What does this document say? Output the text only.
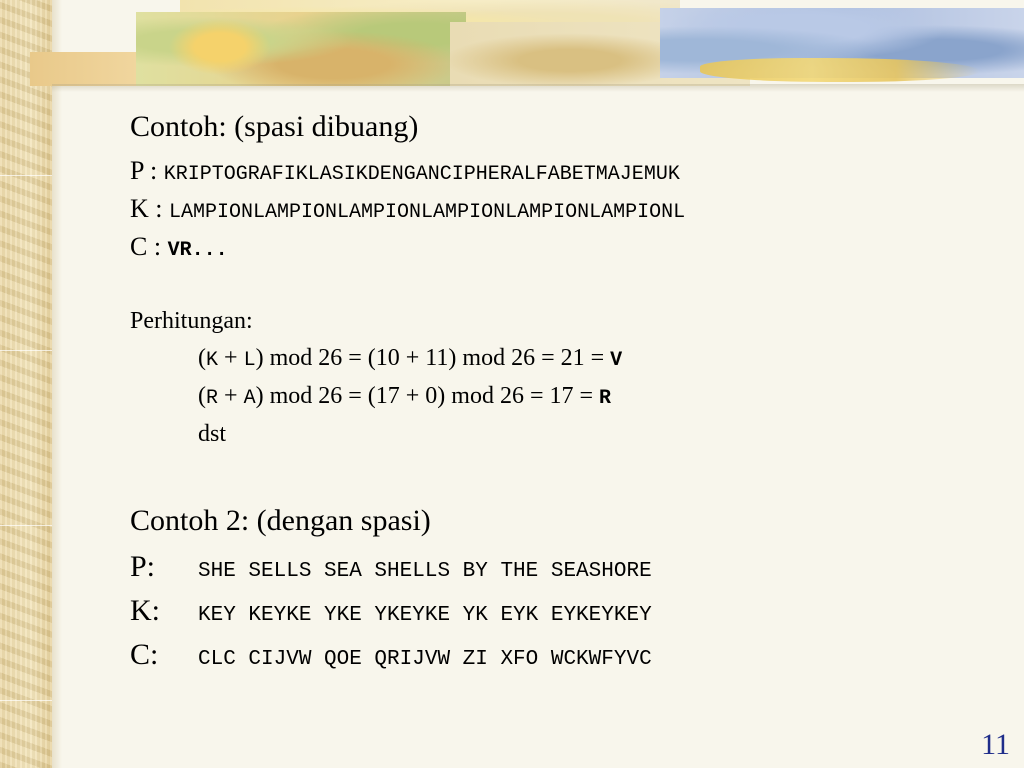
Contoh: (spasi dibuang)
P : KRIPTOGRAFIKLASIKDENGANCIPHERALFABETMAJEMUK
K : LAMPIONLAMPIONLAMPIONLAMPIONLAMPIONLAMPIONL
C : VR...
Perhitungan:
(K + L) mod 26 = (10 + 11) mod 26 = 21 = V
(R + A) mod 26 = (17 + 0) mod 26 = 17 = R
dst
Contoh 2: (dengan spasi)
P: SHE SELLS SEA SHELLS BY THE SEASHORE
K: KEY KEYKE YKE YKEYKE YK EYK EYKEYKEY
C: CLC CIJVW QOE QRIJVW ZI XFO WCKWFYVC
11
